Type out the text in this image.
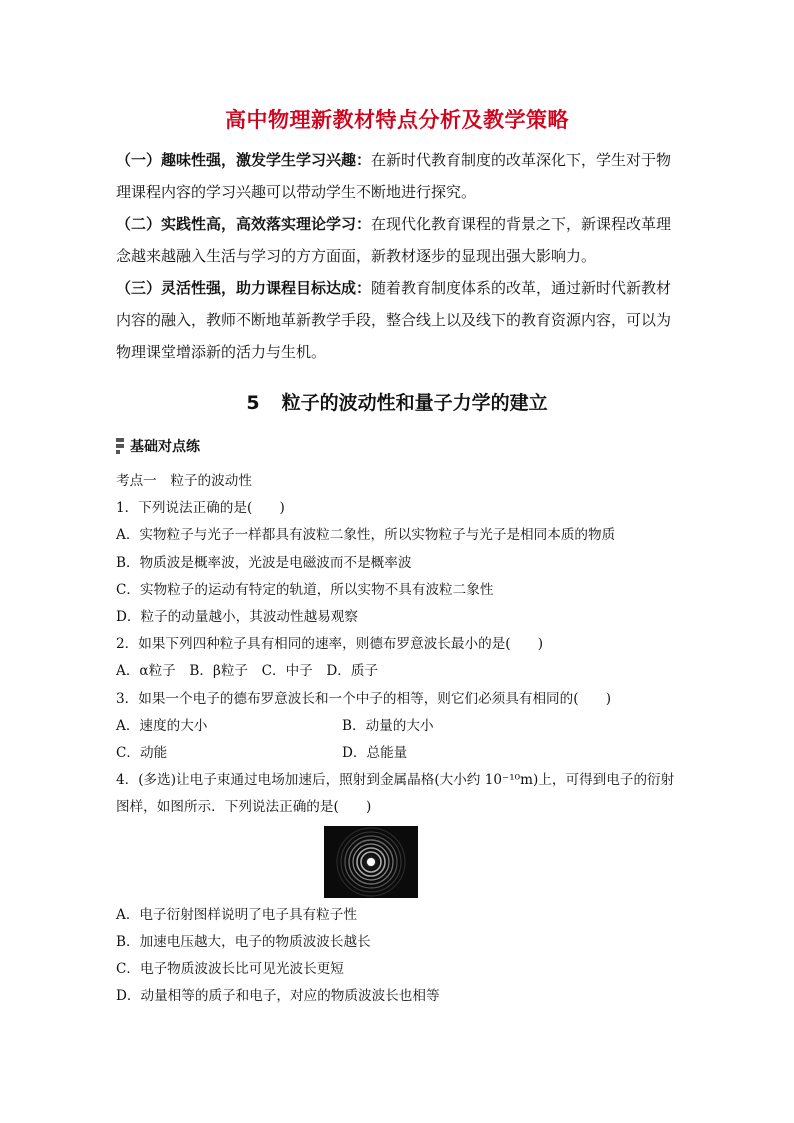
高中物理新教材特点分析及教学策略

（一）趣味性强，激发学生学习兴趣：在新时代教育制度的改革深化下，学生对于物理课程内容的学习兴趣可以带动学生不断地进行探究。

（二）实践性高，高效落实理论学习：在现代化教育课程的背景之下，新课程改革理念越来越融入生活与学习的方方面面，新教材逐步的显现出强大影响力。

（三）灵活性强，助力课程目标达成：随着教育制度体系的改革，通过新时代新教材内容的融入，教师不断地革新教学手段，整合线上以及线下的教育资源内容，可以为物理课堂增添新的活力与生机。

5 粒子的波动性和量子力学的建立
基础对点练
考点一　粒子的波动性
1．下列说法正确的是(　　)
A．实物粒子与光子一样都具有波粒二象性，所以实物粒子与光子是相同本质的物质
B．物质波是概率波，光波是电磁波而不是概率波
C．实物粒子的运动有特定的轨道，所以实物不具有波粒二象性
D．粒子的动量越小，其波动性越易观察
2．如果下列四种粒子具有相同的速率，则德布罗意波长最小的是(　　)
A．α粒子　B．β粒子　C．中子　D．质子
3．如果一个电子的德布罗意波长和一个中子的相等，则它们必须具有相同的(　　)
A．速度的大小	B．动量的大小
C．动能	D．总能量
4．(多选)让电子束通过电场加速后，照射到金属晶格(大小约 10⁻¹⁰m)上，可得到电子的衍射
图样，如图所示．下列说法正确的是(　　)
A．电子衍射图样说明了电子具有粒子性
B．加速电压越大，电子的物质波波长越长
C．电子物质波波长比可见光波长更短
D．动量相等的质子和电子，对应的物质波波长也相等
